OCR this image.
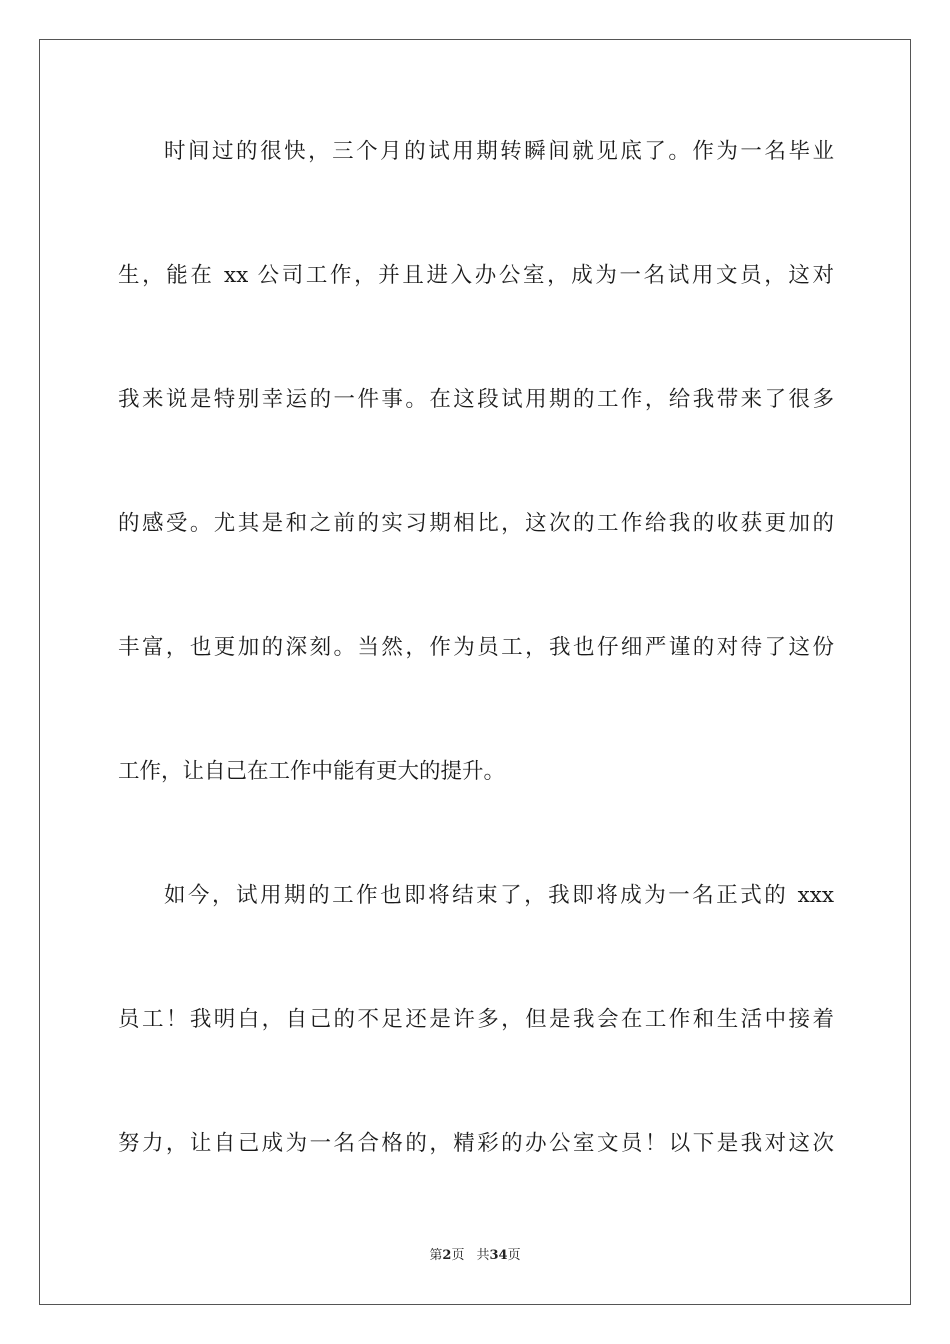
时间过的很快，三个月的试用期转瞬间就见底了。作为一名毕业
生，能在 xx 公司工作，并且进入办公室，成为一名试用文员，这对
我来说是特别幸运的一件事。在这段试用期的工作，给我带来了很多
的感受。尤其是和之前的实习期相比，这次的工作给我的收获更加的
丰富，也更加的深刻。当然，作为员工，我也仔细严谨的对待了这份
工作，让自己在工作中能有更大的提升。
如今，试用期的工作也即将结束了，我即将成为一名正式的 xxx
员工！我明白，自己的不足还是许多，但是我会在工作和生活中接着
努力，让自己成为一名合格的，精彩的办公室文员！以下是我对这次
第2页 共34页
